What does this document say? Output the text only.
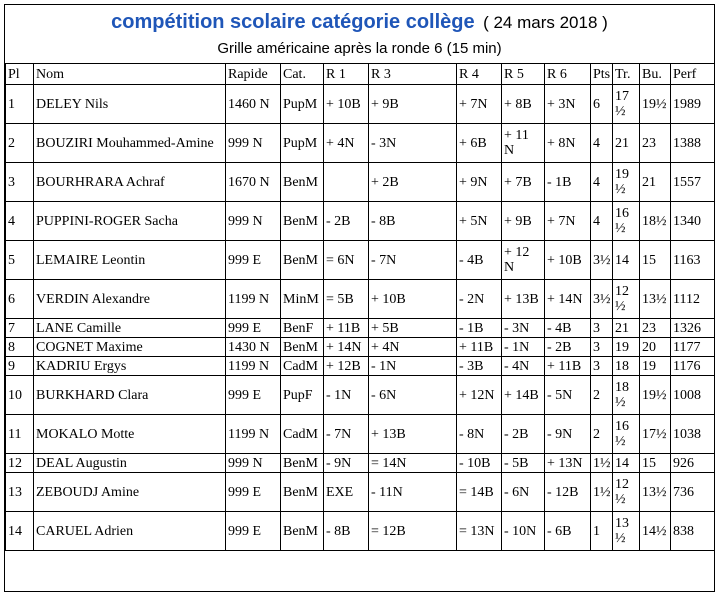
compétition scolaire catégorie collège ( 24 mars 2018 )
Grille américaine après la ronde 6 (15 min)
Pl	Nom	Rapide	Cat.	R 1	R 3	R 4	R 5	R 6	Pts	Tr.	Bu.	Perf
1	DELEY Nils	1460 N	PupM	+ 10B	+ 9B	+ 7N	+ 8B	+ 3N	6	17 ½	19½	1989
2	BOUZIRI Mouhammed-Amine	999 N	PupM	+ 4N	- 3N	+ 6B	+ 11 N	+ 8N	4	21	23	1388
3	BOURHRARA Achraf	1670 N	BenM		+ 2B	+ 9N	+ 7B	- 1B	4	19 ½	21	1557
4	PUPPINI-ROGER Sacha	999 N	BenM	- 2B	- 8B	+ 5N	+ 9B	+ 7N	4	16 ½	18½	1340
5	LEMAIRE Leontin	999 E	BenM	= 6N	- 7N	- 4B	+ 12 N	+ 10B	3½	14	15	1163
6	VERDIN Alexandre	1199 N	MinM	= 5B	+ 10B	- 2N	+ 13B	+ 14N	3½	12 ½	13½	1112
7	LANE Camille	999 E	BenF	+ 11B	+ 5B	- 1B	- 3N	- 4B	3	21	23	1326
8	COGNET Maxime	1430 N	BenM	+ 14N	+ 4N	+ 11B	- 1N	- 2B	3	19	20	1177
9	KADRIU Ergys	1199 N	CadM	+ 12B	- 1N	- 3B	- 4N	+ 11B	3	18	19	1176
10	BURKHARD Clara	999 E	PupF	- 1N	- 6N	+ 12N	+ 14B	- 5N	2	18 ½	19½	1008
11	MOKALO Motte	1199 N	CadM	- 7N	+ 13B	- 8N	- 2B	- 9N	2	16 ½	17½	1038
12	DEAL Augustin	999 N	BenM	- 9N	= 14N	- 10B	- 5B	+ 13N	1½	14	15	926
13	ZEBOUDJ Amine	999 E	BenM	EXE	- 11N	= 14B	- 6N	- 12B	1½	12 ½	13½	736
14	CARUEL Adrien	999 E	BenM	- 8B	= 12B	= 13N	- 10N	- 6B	1	13 ½	14½	838
